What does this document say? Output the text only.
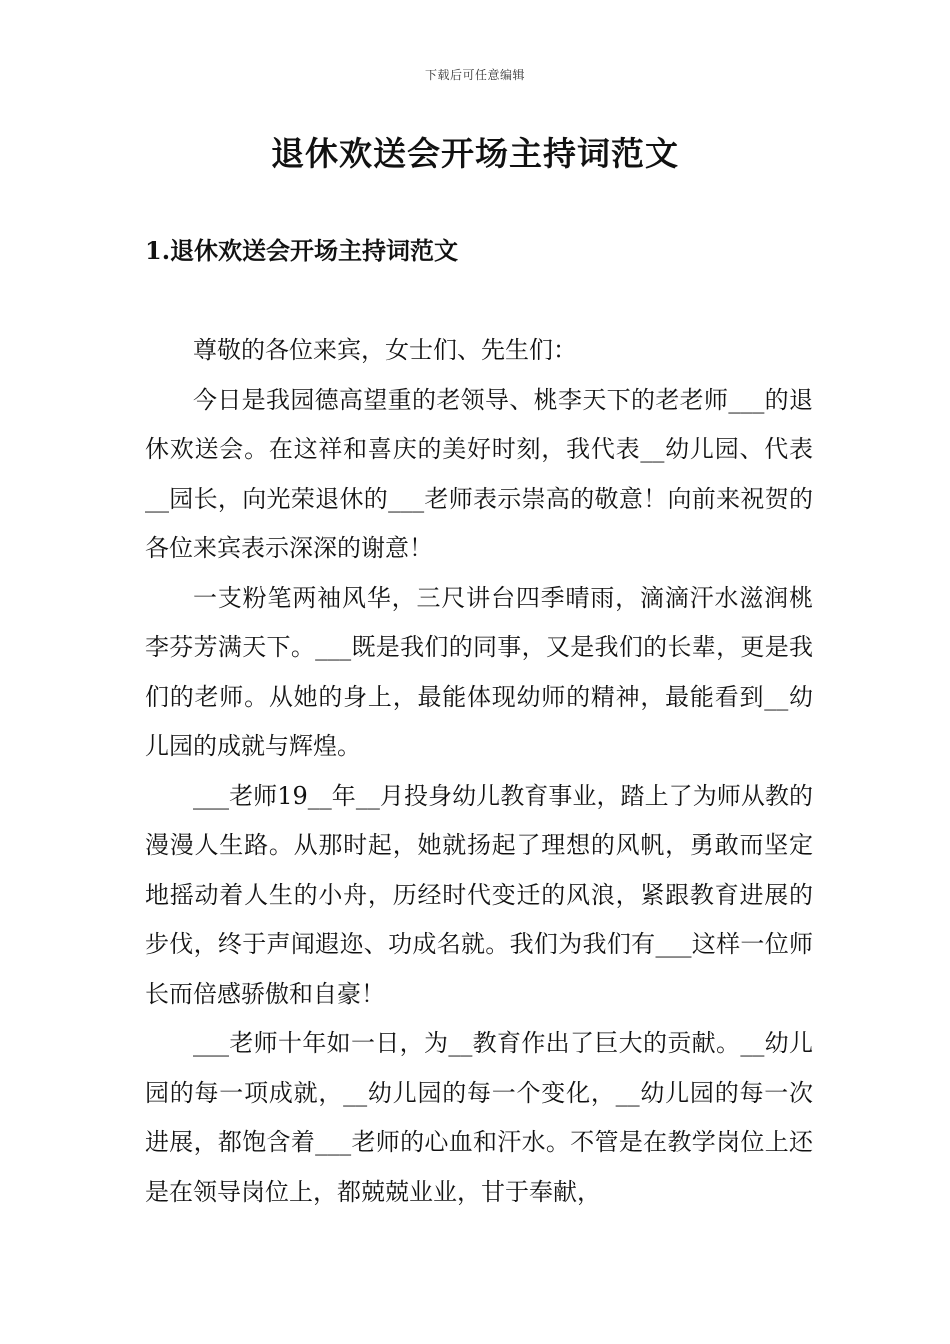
下载后可任意编辑
退休欢送会开场主持词范文
1.退休欢送会开场主持词范文

尊敬的各位来宾，女士们、先生们：

今日是我园德高望重的老领导、桃李天下的老老师___的退休欢送会。在这祥和喜庆的美好时刻，我代表__幼儿园、代表__园长，向光荣退休的___老师表示崇高的敬意！向前来祝贺的各位来宾表示深深的谢意！

一支粉笔两袖风华，三尺讲台四季晴雨，滴滴汗水滋润桃李芬芳满天下。___既是我们的同事，又是我们的长辈，更是我们的老师。从她的身上，最能体现幼师的精神，最能看到__幼儿园的成就与辉煌。

___老师19__年__月投身幼儿教育事业，踏上了为师从教的漫漫人生路。从那时起，她就扬起了理想的风帆，勇敢而坚定地摇动着人生的小舟，历经时代变迁的风浪，紧跟教育进展的步伐，终于声闻遐迩、功成名就。我们为我们有___这样一位师长而倍感骄傲和自豪！

___老师十年如一日，为__教育作出了巨大的贡献。__幼儿园的每一项成就，__幼儿园的每一个变化，__幼儿园的每一次进展，都饱含着___老师的心血和汗水。不管是在教学岗位上还是在领导岗位上，都兢兢业业，甘于奉献，
